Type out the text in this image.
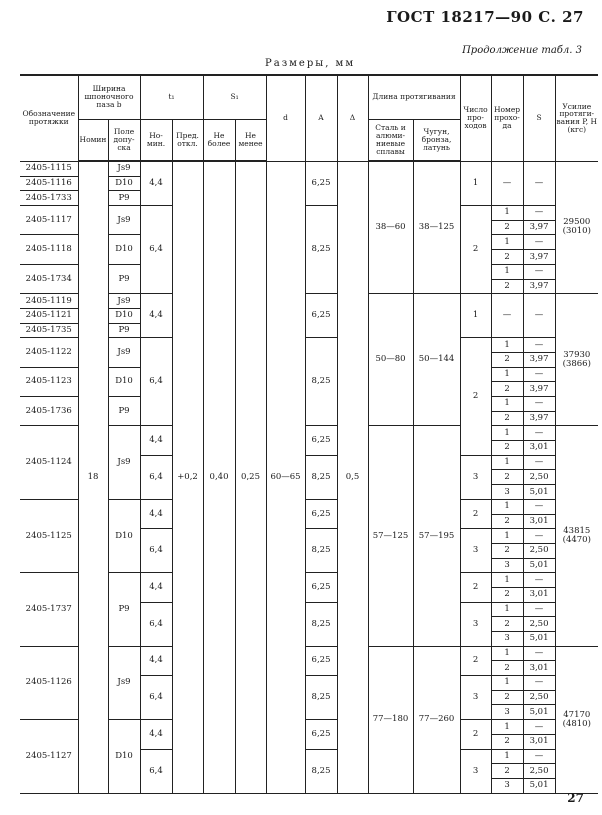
ГОСТ 18217—90 С. 27
Продолжение табл. 3
Размеры, мм
Обозначение протяжки	Ширина шпоночного паза b		t₁		S₁		d	A	Δ	Длина протягивания		Число про-ходов	Номер прохо-да	S	Усилие протяги-вания P, Н (кгс)
	Номин	Поле допу-ска	Но-мин.	Пред. откл.	Не более	Не менее				Сталь и алюми-ниевые сплавы	Чугун, бронза, латунь				
2405-1115	18	Js9	4,4	+0,2	0,40	0,25	60—65	6,25	0,5	38—60	38—125	1	—	—	29500
(3010)
2405-1116		D10													
2405-1733		P9													
2405-1117		Js9	6,4					8,25				2	1	—	
													2	3,97	
2405-1118		D10											1	—	
													2	3,97	
2405-1734		P9											1	—	
													2	3,97	
2405-1119		Js9	4,4					6,25		50—80	50—144	1	—	—	37930
(3866)
2405-1121		D10													
2405-1735		P9													
2405-1122		Js9	6,4					8,25				2	1	—	
													2	3,97	
2405-1123		D10											1	—	
													2	3,97	
2405-1736		P9											1	—	
													2	3,97	
2405-1124		Js9	4,4					6,25		57—125	57—195		1	—	43815
(4470)
													2	3,01	
			6,4					8,25				3	1	—	
													2	2,50	
													3	5,01	
2405-1125		D10	4,4					6,25				2	1	—	
													2	3,01	
			6,4					8,25				3	1	—	
													2	2,50	
													3	5,01	
2405-1737		P9	4,4					6,25				2	1	—	
													2	3,01	
			6,4					8,25				3	1	—	
													2	2,50	
													3	5,01	
2405-1126		Js9	4,4					6,25		77—180	77—260	2	1	—	47170
(4810)
													2	3,01	
			6,4					8,25				3	1	—	
													2	2,50	
													3	5,01	
2405-1127		D10	4,4					6,25				2	1	—	
													2	3,01	
			6,4					8,25				3	1	—	
													2	2,50	
													3	5,01	
27
